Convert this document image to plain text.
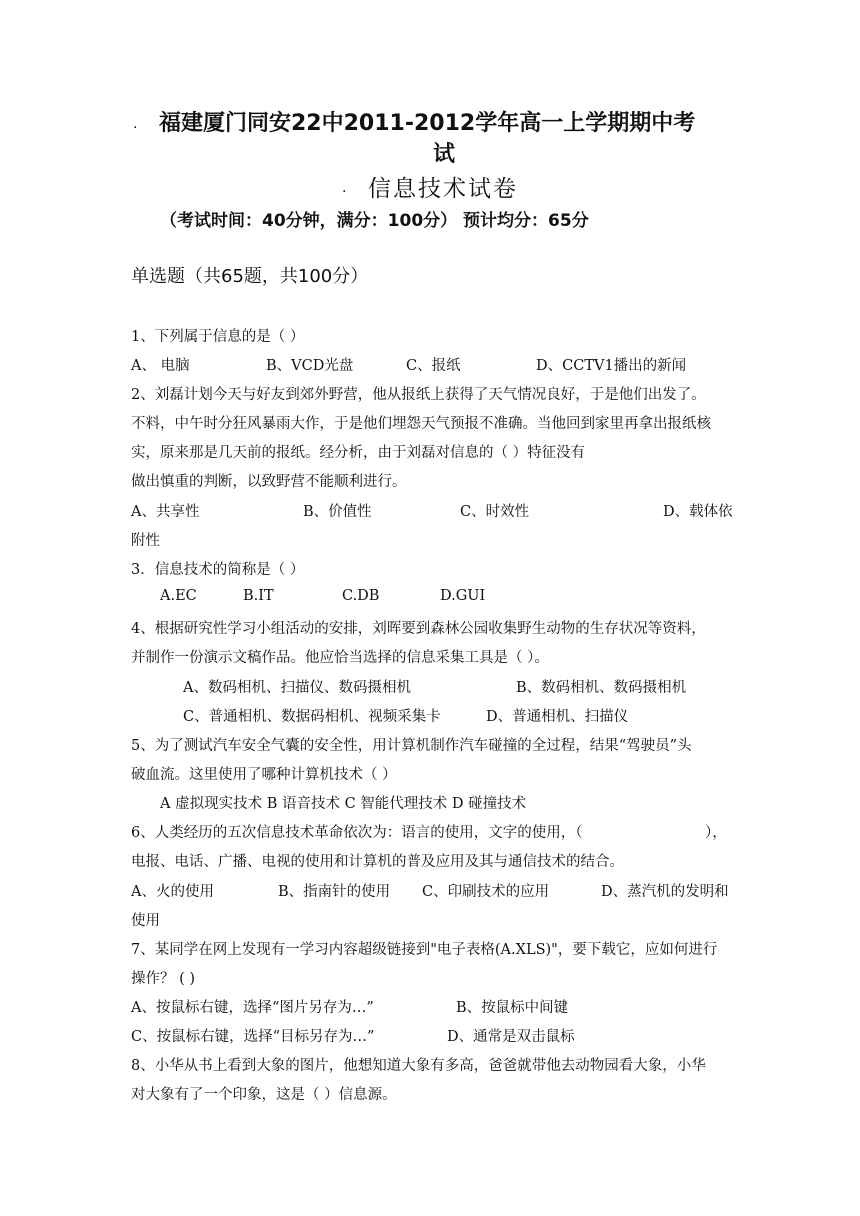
. 福建厦门同安22中2011-2012学年高一上学期期中考
试
. 信息技术试卷
（考试时间：40分钟，满分：100分） 预计均分：65分
单选题（共65题，共100分）
1、下列属于信息的是（ ）
A、 电脑	B、VCD光盘	C、报纸	D、CCTV1播出的新闻
2、刘磊计划今天与好友到郊外野营，他从报纸上获得了天气情况良好，于是他们出发了。
不料，中午时分狂风暴雨大作，于是他们埋怨天气预报不准确。当他回到家里再拿出报纸核
实，原来那是几天前的报纸。经分析，由于刘磊对信息的（ ）特征没有
做出慎重的判断，以致野营不能顺利进行。
A、共享性	B、价值性	C、时效性	D、载体依
附性
3．信息技术的简称是（ ）
A.EC	B.IT	C.DB	D.GUI
4、根据研究性学习小组活动的安排，刘晖要到森林公园收集野生动物的生存状况等资料，
并制作一份演示文稿作品。他应恰当选择的信息采集工具是（ ）。
A、数码相机、扫描仪、数码摄相机	B、数码相机、数码摄相机
C、普通相机、数据码相机、视频采集卡	D、普通相机、扫描仪
5、为了测试汽车安全气囊的安全性，用计算机制作汽车碰撞的全过程，结果“驾驶员”头
破血流。这里使用了哪种计算机技术（ ）
A 虚拟现实技术 B 语音技术 C 智能代理技术 D 碰撞技术
6、人类经历的五次信息技术革命依次为：语言的使用，文字的使用，（	），
电报、电话、广播、电视的使用和计算机的普及应用及其与通信技术的结合。
A、火的使用	B、指南针的使用 C、印刷技术的应用	D、蒸汽机的发明和
使用
7、某同学在网上发现有一学习内容超级链接到"电子表格(A.XLS)"，要下载它，应如何进行
操作？ ( )
A、按鼠标右键，选择“图片另存为…”	B、按鼠标中间键
C、按鼠标右键，选择“目标另存为…”	D、通常是双击鼠标
8、小华从书上看到大象的图片，他想知道大象有多高，爸爸就带他去动物园看大象，小华
对大象有了一个印象，这是（ ）信息源。
